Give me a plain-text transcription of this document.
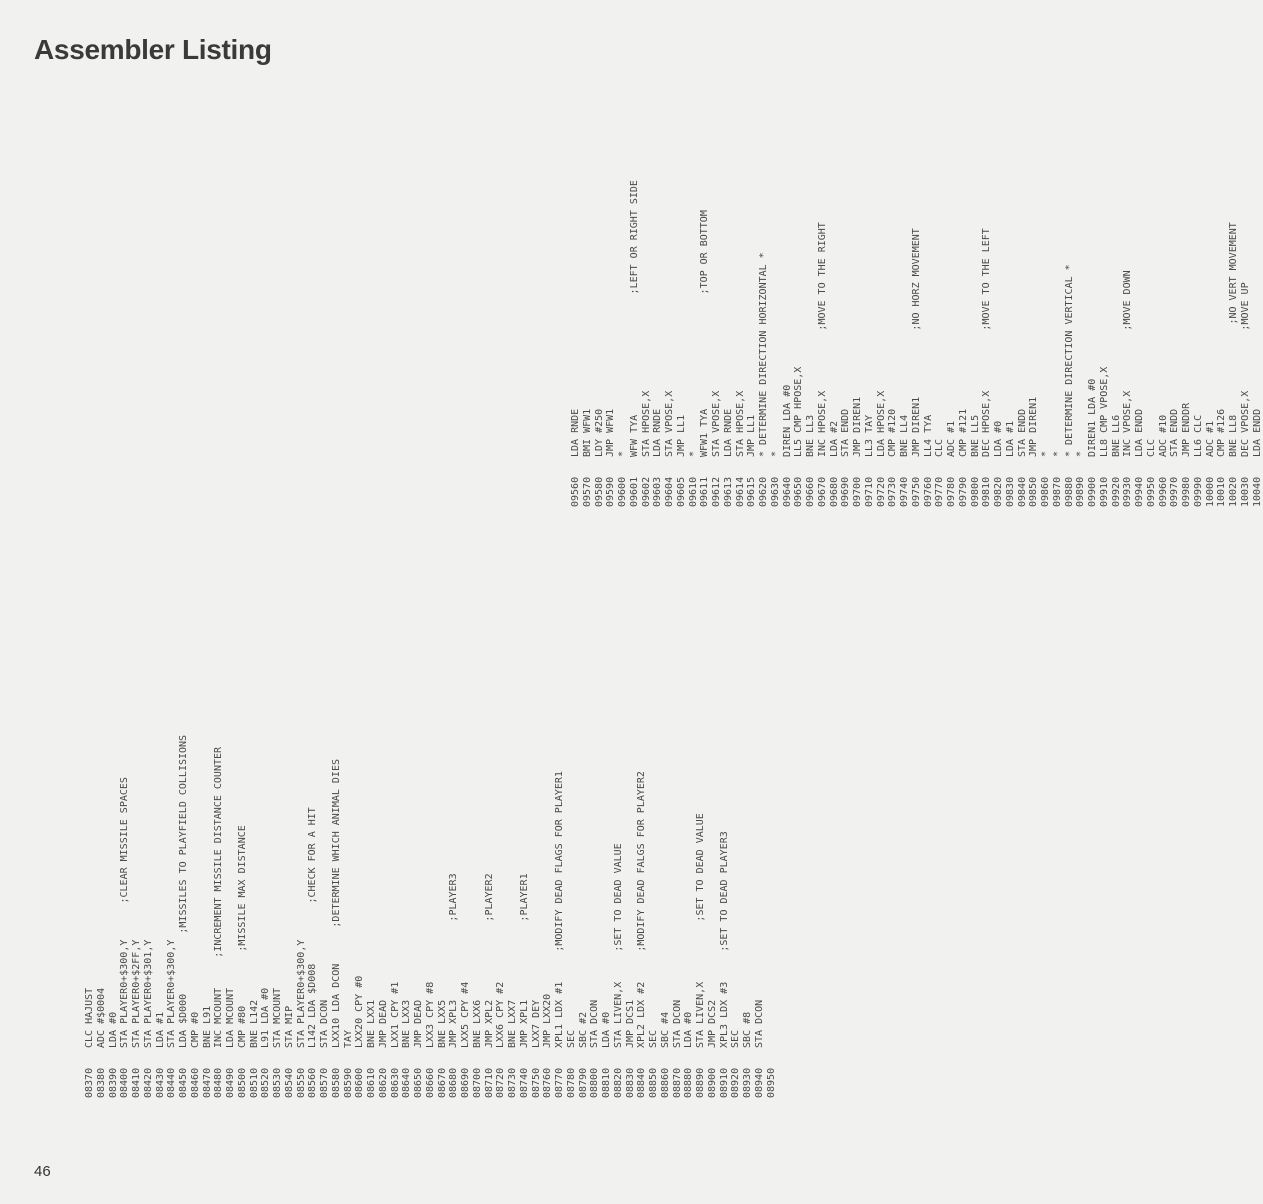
Assembler Listing
08370CLC HAJUST
08380ADC #$0004
08390LDA #0
08400STA PLAYER0+$300,Y      ;CLEAR MISSILE SPACES
08410STA PLAYER0+$2FF,Y
08420STA PLAYER0+$301,Y
08430LDA #1
08440STA PLAYER0+$300,Y
08450LDA $D000          ;MISSILES TO PLAYFIELD COLLISIONS
08460CMP #0
08470BNE L91
08480INC MCOUNT     ;INCREMENT MISSILE DISTANCE COUNTER
08490LDA MCOUNT
08500CMP #80         ;MISSILE MAX DISTANCE
08510BNE L142
08520L91 LDA #0
08530STA MCOUNT
08540STA MIP
08550STA PLAYER0+$300,Y
08560L142 LDA $D008          ;CHECK FOR A HIT
08570STA DCON
08580LXX10 LDA DCON      ;DETERMINE WHICH ANIMAL DIES
08590TAY
08600LXX20 CPY #0
08610BNE LXX1
08620JMP DEAD
08630LXX1 CPY #1
08640BNE LXX3
08650JMP DEAD
08660LXX3 CPY #8
08670BNE LXX5
08680JMP XPL3             ;PLAYER3
08690LXX5 CPY #4
08700BNE LXX6
08710JMP XPL2             ;PLAYER2
08720LXX6 CPY #2
08730BNE LXX7
08740JMP XPL1             ;PLAYER1
08750LXX7 DEY
08760JMP LXX20
08770XPL1 LDX #1     ;MODIFY DEAD FLAGS FOR PLAYER1
08780SEC
08790SBC #2
08800STA DCON
08810LDA #0
08820STA LIVEN,X     ;SET TO DEAD VALUE
08830JMP DCS1
08840XPL2 LDX #2     ;MODIFY DEAD FALGS FOR PLAYER2
08850SEC
08860SBC #4
08870STA DCON
08880LDA #0
08890STA LIVEN,X          ;SET TO DEAD VALUE
08900JMP DCS2
08910XPL3 LDX #3     ;SET TO DEAD PLAYER3
08920SEC
08930SBC #8
08940STA DCON
08950
09560LDA RNDE
09570BMI WFW1
09580LDY #250
09590JMP WFW1
09600*
09601WFW TYA                    ;LEFT OR RIGHT SIDE
09602STA HPOSE,X
09603LDA RNDE
09604STA VPOSE,X
09605JMP LL1
09610*
09611WFW1 TYA                   ;TOP OR BOTTOM
09612STA VPOSE,X
09613LDA RNDE
09614STA HPOSE,X
09615JMP LL1
09620* DETERMINE DIRECTION HORIZONTAL *
09630*
09640DIREN LDA #0
09650LL5 CMP HPOSE,X
09660BNE LL3
09670INC HPOSE,X          ;MOVE TO THE RIGHT
09680LDA #2
09690STA ENDD
09700JMP DIREN1
09710LL3 TAY
09720LDA HPOSE,X
09730CMP #120
09740BNE LL4
09750JMP DIREN1           ;NO HORZ MOVEMENT
09760LL4 TYA
09770CLC
09780ADC #1
09790CMP #121
09800BNE LL5
09810DEC HPOSE,X          ;MOVE TO THE LEFT
09820LDA #0
09830LDA #1
09840STA ENDD
09850JMP DIREN1
09860*
09870*
09880* DETERMINE DIRECTION VERTICAL *
09890*
09900DIREN1 LDA #0
09910LL8 CMP VPOSE,X
09920BNE LL6
09930INC VPOSE,X          ;MOVE DOWN
09940LDA ENDD
09950CLC
09960ADC #10
09970STA ENDD
09980JMP ENDDR
09990LL6 CLC
10000ADC #1
10010CMP #126
10020BNE LL8               ;NO VERT MOVEMENT
10030DEC VPOSE,X          ;MOVE UP
10040LDA ENDD
46
